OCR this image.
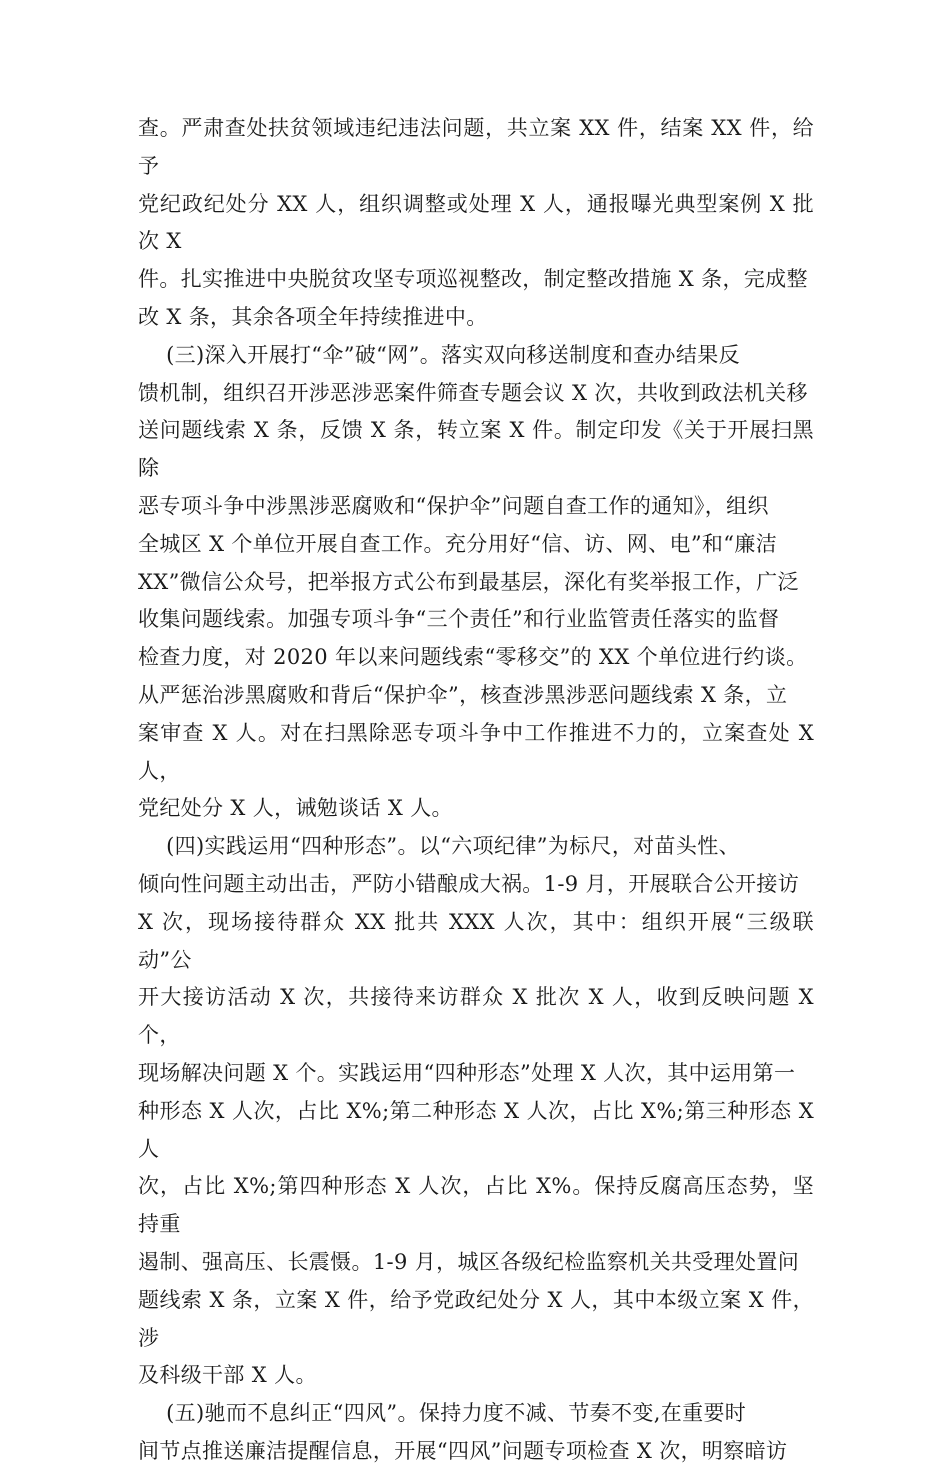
查。严肃查处扶贫领域违纪违法问题，共立案 XX 件，结案 XX 件，给予
党纪政纪处分 XX 人，组织调整或处理 X 人，通报曝光典型案例 X 批次 X
件。扎实推进中央脱贫攻坚专项巡视整改，制定整改措施 X 条，完成整
改 X 条，其余各项全年持续推进中。

(三)深入开展打“伞”破“网”。落实双向移送制度和查办结果反
馈机制，组织召开涉恶涉恶案件筛查专题会议 X 次，共收到政法机关移
送问题线索 X 条，反馈 X 条，转立案 X 件。制定印发《关于开展扫黑除
恶专项斗争中涉黑涉恶腐败和“保护伞”问题自查工作的通知》，组织
全城区 X 个单位开展自查工作。充分用好“信、访、网、电”和“廉洁
XX”微信公众号，把举报方式公布到最基层，深化有奖举报工作，广泛
收集问题线索。加强专项斗争“三个责任”和行业监管责任落实的监督
检查力度，对 2020 年以来问题线索“零移交”的 XX 个单位进行约谈。
从严惩治涉黑腐败和背后“保护伞”，核查涉黑涉恶问题线索 X 条，立
案审查 X 人。对在扫黑除恶专项斗争中工作推进不力的，立案查处 X 人，
党纪处分 X 人，诫勉谈话 X 人。

(四)实践运用“四种形态”。以“六项纪律”为标尺，对苗头性、
倾向性问题主动出击，严防小错酿成大祸。1-9 月，开展联合公开接访
X 次，现场接待群众 XX 批共 XXX 人次，其中：组织开展“三级联动”公
开大接访活动 X 次，共接待来访群众 X 批次 X 人，收到反映问题 X 个，
现场解决问题 X 个。实践运用“四种形态”处理 X 人次，其中运用第一
种形态 X 人次，占比 X%;第二种形态 X 人次，占比 X%;第三种形态 X 人
次，占比 X%;第四种形态 X 人次，占比 X%。保持反腐高压态势，坚持重
遏制、强高压、长震慑。1-9 月，城区各级纪检监察机关共受理处置问
题线索 X 条，立案 X 件，给予党政纪处分 X 人，其中本级立案 X 件，涉
及科级干部 X 人。

(五)驰而不息纠正“四风”。保持力度不减、节奏不变,在重要时
间节点推送廉洁提醒信息，开展“四风”问题专项检查 X 次，明察暗访
